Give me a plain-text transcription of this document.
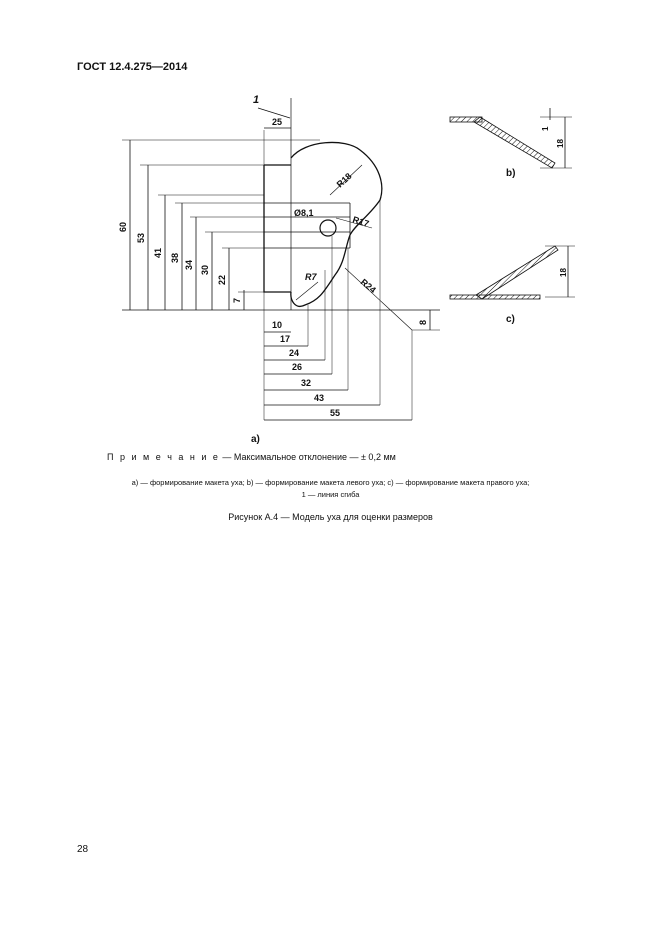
ГОСТ 12.4.275—2014
1
25
10
17
24
26
32
43
55
60
53
41 38
34 30
22
7
8
R18
R17
R7	R24
Ø8,1
1
18
18
a)
b)
c)
П р и м е ч а н и е — Максимальное отклонение — ± 0,2 мм
a) — формирование макета уха; b) — формирование макета левого уха; c) — формирование макета правого уха;
1 — линия сгиба
Рисунок А.4 — Модель уха для оценки размеров
28
